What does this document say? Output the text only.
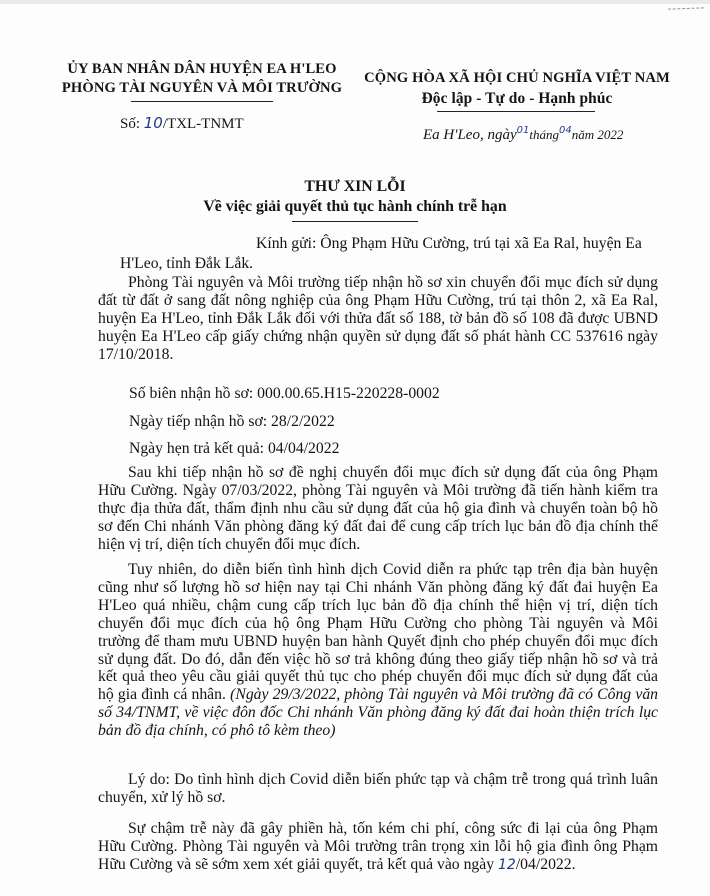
ỦY BAN NHÂN DÂN HUYỆN EA H'LEO
PHÒNG TÀI NGUYÊN VÀ MÔI TRƯỜNG
Số: 10/TXL-TNMT
CỘNG HÒA XÃ HỘI CHỦ NGHĨA VIỆT NAM
Độc lập - Tự do - Hạnh phúc
Ea H'Leo, ngày$^{01}$tháng$^{04}$năm 2022
THƯ XIN LỖI
Về việc giải quyết thủ tục hành chính trễ hạn
Kính gửi: Ông Phạm Hữu Cường, trú tại xã Ea Ral, huyện Ea
H'Leo, tỉnh Đắk Lắk.

Phòng Tài nguyên và Môi trường tiếp nhận hồ sơ xin chuyển đổi mục đích sử dụng đất từ đất ở sang đất nông nghiệp của ông Phạm Hữu Cường, trú tại thôn 2, xã Ea Ral, huyện Ea H'Leo, tỉnh Đắk Lắk đối với thửa đất số 188, tờ bản đồ số 108 đã được UBND huyện Ea H'Leo cấp giấy chứng nhận quyền sử dụng đất số phát hành CC 537616 ngày 17/10/2018.

Số biên nhận hồ sơ: 000.00.65.H15-220228-0002
Ngày tiếp nhận hồ sơ: 28/2/2022
Ngày hẹn trả kết quả: 04/04/2022

Sau khi tiếp nhận hồ sơ đề nghị chuyển đổi mục đích sử dụng đất của ông Phạm Hữu Cường. Ngày 07/03/2022, phòng Tài nguyên và Môi trường đã tiến hành kiểm tra thực địa thửa đất, thẩm định nhu cầu sử dụng đất của hộ gia đình và chuyển toàn bộ hồ sơ đến Chi nhánh Văn phòng đăng ký đất đai để cung cấp trích lục bản đồ địa chính thể hiện vị trí, diện tích chuyển đổi mục đích.

Tuy nhiên, do diễn biến tình hình dịch Covid diễn ra phức tạp trên địa bàn huyện cũng như số lượng hồ sơ hiện nay tại Chi nhánh Văn phòng đăng ký đất đai huyện Ea H'Leo quá nhiều, chậm cung cấp trích lục bản đồ địa chính thể hiện vị trí, diện tích chuyển đổi mục đích của hộ ông Phạm Hữu Cường cho phòng Tài nguyên và Môi trường để tham mưu UBND huyện ban hành Quyết định cho phép chuyển đổi mục đích sử dụng đất. Do đó, dẫn đến việc hồ sơ trả không đúng theo giấy tiếp nhận hồ sơ và trả kết quả theo yêu cầu giải quyết thủ tục cho phép chuyển đổi mục đích sử dụng đất của hộ gia đình cá nhân. (Ngày 29/3/2022, phòng Tài nguyên và Môi trường đã có Công văn số 34/TNMT, về việc đôn đốc Chi nhánh Văn phòng đăng ký đất đai hoàn thiện trích lục bản đồ địa chính, có phô tô kèm theo)

Lý do: Do tình hình dịch Covid diễn biến phức tạp và chậm trễ trong quá trình luân chuyển, xử lý hồ sơ.

Sự chậm trễ này đã gây phiền hà, tốn kém chi phí, công sức đi lại của ông Phạm Hữu Cường. Phòng Tài nguyên và Môi trường trân trọng xin lỗi hộ gia đình ông Phạm Hữu Cường và sẽ sớm xem xét giải quyết, trả kết quả vào ngày 12/04/2022.
